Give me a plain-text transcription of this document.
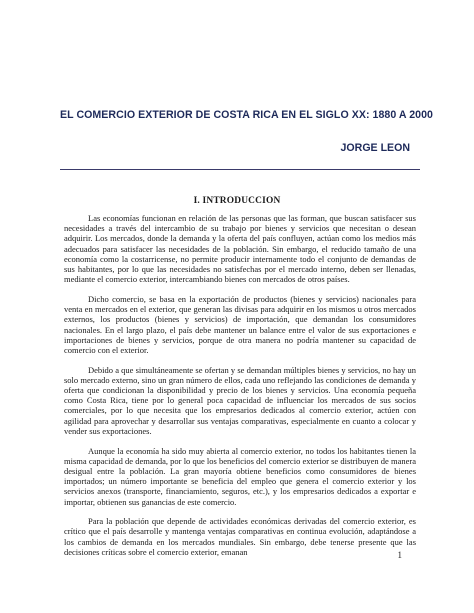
EL COMERCIO EXTERIOR DE COSTA RICA EN EL SIGLO XX: 1880 A 2000
JORGE LEON
I. INTRODUCCION

Las economías funcionan en relación de las personas que las forman, que buscan satisfacer sus necesidades a través del intercambio de su trabajo por bienes y servicios que necesitan o desean adquirir. Los mercados, donde la demanda y la oferta del país confluyen, actúan como los medios más adecuados para satisfacer las necesidades de la población. Sin embargo, el reducido tamaño de una economía como la costarricense, no permite producir internamente todo el conjunto de demandas de sus habitantes, por lo que las necesidades no satisfechas por el mercado interno, deben ser llenadas, mediante el comercio exterior, intercambiando bienes con mercados de otros países.

Dicho comercio, se basa en la exportación de productos (bienes y servicios) nacionales para venta en mercados en el exterior, que generan las divisas para adquirir en los mismos u otros mercados externos, los productos (bienes y servicios) de importación, que demandan los consumidores nacionales. En el largo plazo, el país debe mantener un balance entre el valor de sus exportaciones e importaciones de bienes y servicios, porque de otra manera no podría mantener su capacidad de comercio con el exterior.

Debido a que simultáneamente se ofertan y se demandan múltiples bienes y servicios, no hay un solo mercado externo, sino un gran número de ellos, cada uno reflejando las condiciones de demanda y oferta que condicionan la disponibilidad y precio de los bienes y servicios. Una economía pequeña como Costa Rica, tiene por lo general poca capacidad de influenciar los mercados de sus socios comerciales, por lo que necesita que los empresarios dedicados al comercio exterior, actúen con agilidad para aprovechar y desarrollar sus ventajas comparativas, especialmente en cuanto a colocar y vender sus exportaciones.

Aunque la economía ha sido muy abierta al comercio exterior, no todos los habitantes tienen la misma capacidad de demanda, por lo que los beneficios del comercio exterior se distribuyen de manera desigual entre la población. La gran mayoría obtiene beneficios como consumidores de bienes importados; un número importante se beneficia del empleo que genera el comercio exterior y los servicios anexos (transporte, financiamiento, seguros, etc.), y los empresarios dedicados a exportar e importar, obtienen sus ganancias de este comercio.

Para la población que depende de actividades económicas derivadas del comercio exterior, es crítico que el país desarrolle y mantenga ventajas comparativas en continua evolución, adaptándose a los cambios de demanda en los mercados mundiales. Sin embargo, debe tenerse presente que las decisiones críticas sobre el comercio exterior, emanan	1
